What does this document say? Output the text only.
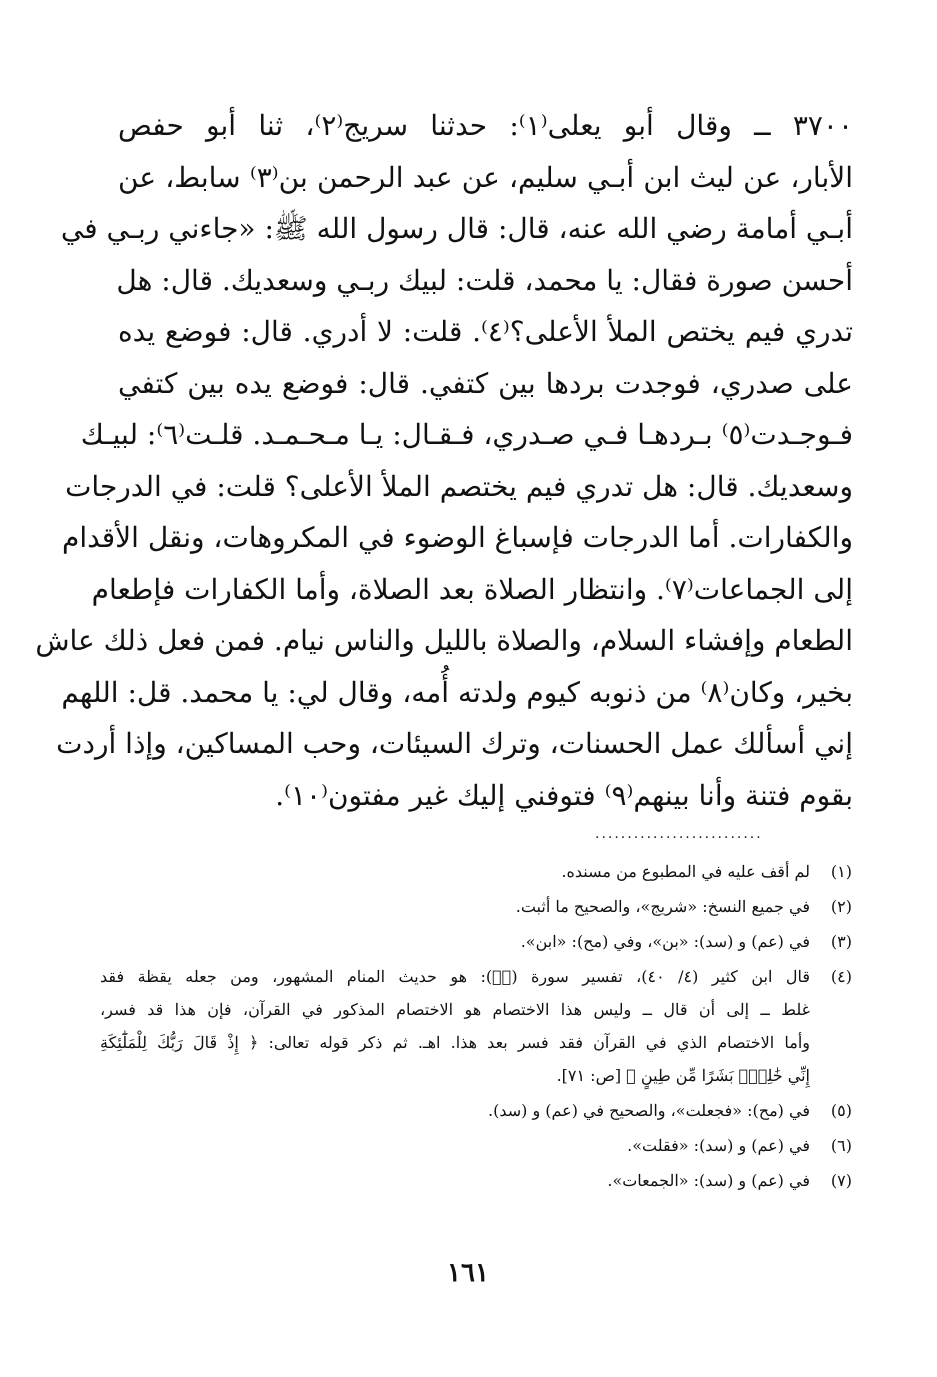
٣٧٠٠ ــ وقال أبو يعلى⁽١⁾: حدثنا سريج⁽٢⁾، ثنا أبو حفص
الأبار، عن ليث ابن أبـي سليم، عن عبد الرحمن بن⁽٣⁾ سابط، عن
أبـي أمامة رضي الله عنه، قال: قال رسول الله ﷺ: «جاءني ربـي في
أحسن صورة فقال: يا محمد، قلت: لبيك ربـي وسعديك. قال: هل
تدري فيم يختص الملأ الأعلى؟⁽٤⁾. قلت: لا أدري. قال: فوضع يده
على صدري، فوجدت بردها بين كتفي. قال: فوضع يده بين كتفي
فـوجـدت⁽٥⁾ بـردهـا فـي صـدري، فـقـال: يـا مـحـمـد. قلـت⁽٦⁾: لبيـك
وسعديك. قال: هل تدري فيم يختصم الملأ الأعلى؟ قلت: في الدرجات
والكفارات. أما الدرجات فإسباغ الوضوء في المكروهات، ونقل الأقدام
إلى الجماعات⁽٧⁾. وانتظار الصلاة بعد الصلاة، وأما الكفارات فإطعام
الطعام وإفشاء السلام، والصلاة بالليل والناس نيام. فمن فعل ذلك عاش
بخير، وكان⁽٨⁾ من ذنوبه كيوم ولدته أُمه، وقال لي: يا محمد. قل: اللهم
إني أسألك عمل الحسنات، وترك السيئات، وحب المساكين، وإذا أردت
بقوم فتنة وأنا بينهم⁽٩⁾ فتوفني إليك غير مفتون⁽١٠⁾.
..........................
(١)
لم أقف عليه في المطبوع من مسنده.
(٢)
في جميع النسخ: «شريج»، والصحيح ما أثبت.
(٣)
في (عم) و (سد): «بن»، وفي (مح): «ابن».
(٤)
قال ابن كثير (٤/ ٤٠)، تفسير سورة (صۤ): هو حديث المنام المشهور، ومن جعله يقظة فقد
غلط ــ إلى أن قال ــ وليس هذا الاختصام هو الاختصام المذكور في القرآن، فإن هذا قد فسر،
وأما الاختصام الذي في القرآن فقد فسر بعد هذا. اهـ. ثم ذكر قوله تعالى: ﴿ إِذْ قَالَ رَبُّكَ لِلْمَلَٰٓئِكَةِ
إِنِّي خَٰلِقٌۢ بَشَرًا مِّن طِينٍ ﴾ [ص: ٧١].
(٥)
في (مح): «فجعلت»، والصحيح في (عم) و (سد).
(٦)
في (عم) و (سد): «فقلت».
(٧)
في (عم) و (سد): «الجمعات».
١٦١
